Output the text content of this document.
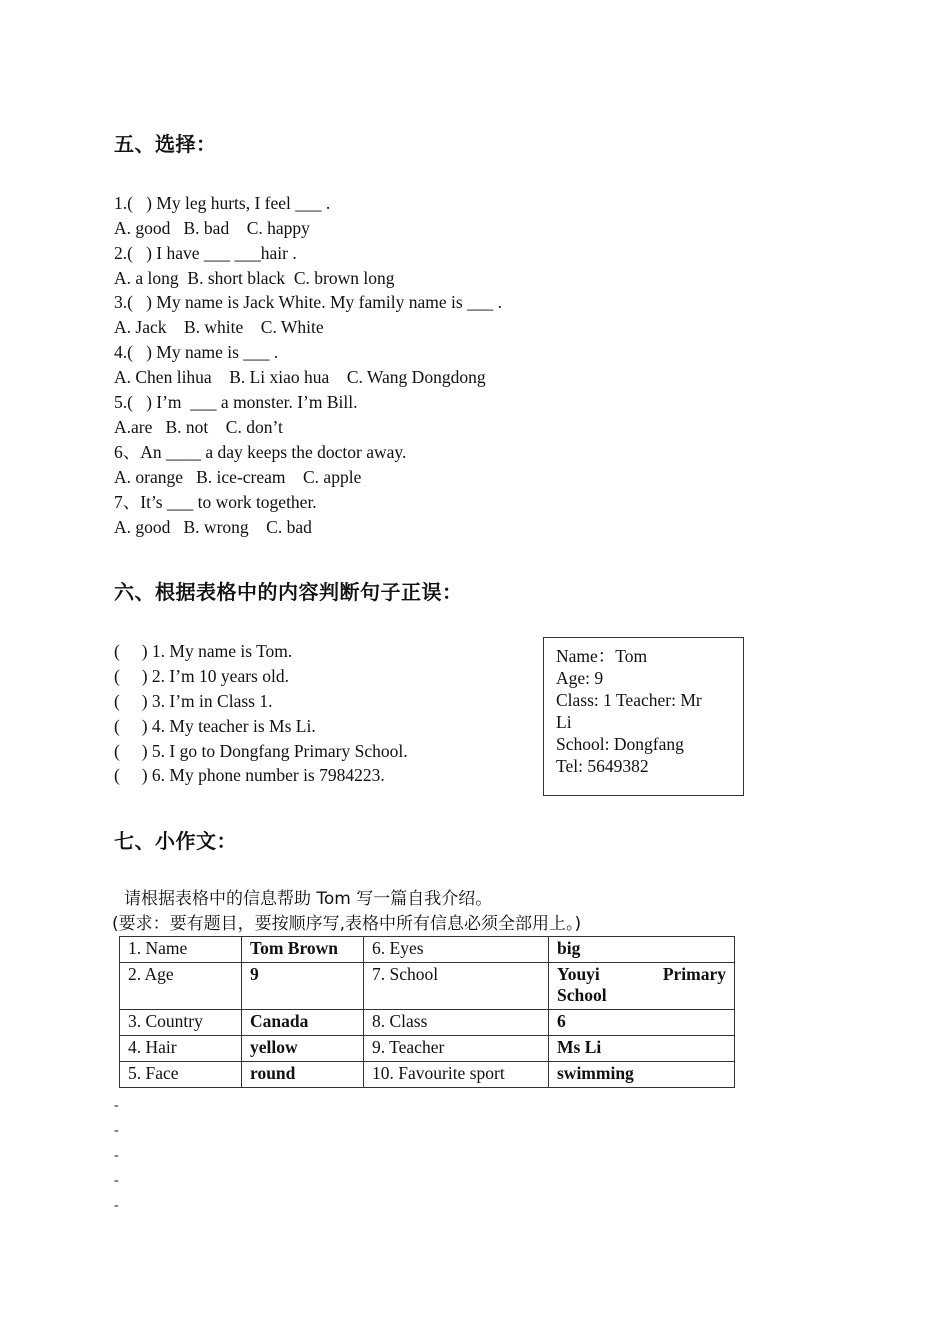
五、选择：
1.(   ) My leg hurts, I feel ___ .
A. good   B. bad    C. happy
2.(   ) I have ___ ___hair .
A. a long  B. short black  C. brown long
3.(   ) My name is Jack White. My family name is ___ .
A. Jack    B. white    C. White
4.(   ) My name is ___ .
A. Chen lihua    B. Li xiao hua    C. Wang Dongdong
5.(   ) I’m  ___ a monster. I’m Bill.
A.are   B. not    C. don’t
6、An ____ a day keeps the doctor away.
A. orange   B. ice-cream    C. apple
7、It’s ___ to work together.
A. good   B. wrong    C. bad
六、根据表格中的内容判断句子正误：
(     ) 1. My name is Tom.
(     ) 2. I’m 10 years old.
(     ) 3. I’m in Class 1.
(     ) 4. My teacher is Ms Li.
(     ) 5. I go to Dongfang Primary School.
(     ) 6. My phone number is 7984223.
Name：Tom
Age: 9
Class: 1 Teacher: Mr
Li
School: Dongfang
Tel: 5649382
七、小作文：
请根据表格中的信息帮助 Tom 写一篇自我介绍。
(要求：要有题目，要按顺序写,表格中所有信息必须全部用上。)
1. Name	Tom Brown	6. Eyes	big
2. Age	9	7. School	Youyi Primary
School

3. Country	Canada	8. Class	6
4. Hair	yellow	9. Teacher	Ms Li
5. Face	round	10. Favourite sport	swimming
-
-
-
-
-
